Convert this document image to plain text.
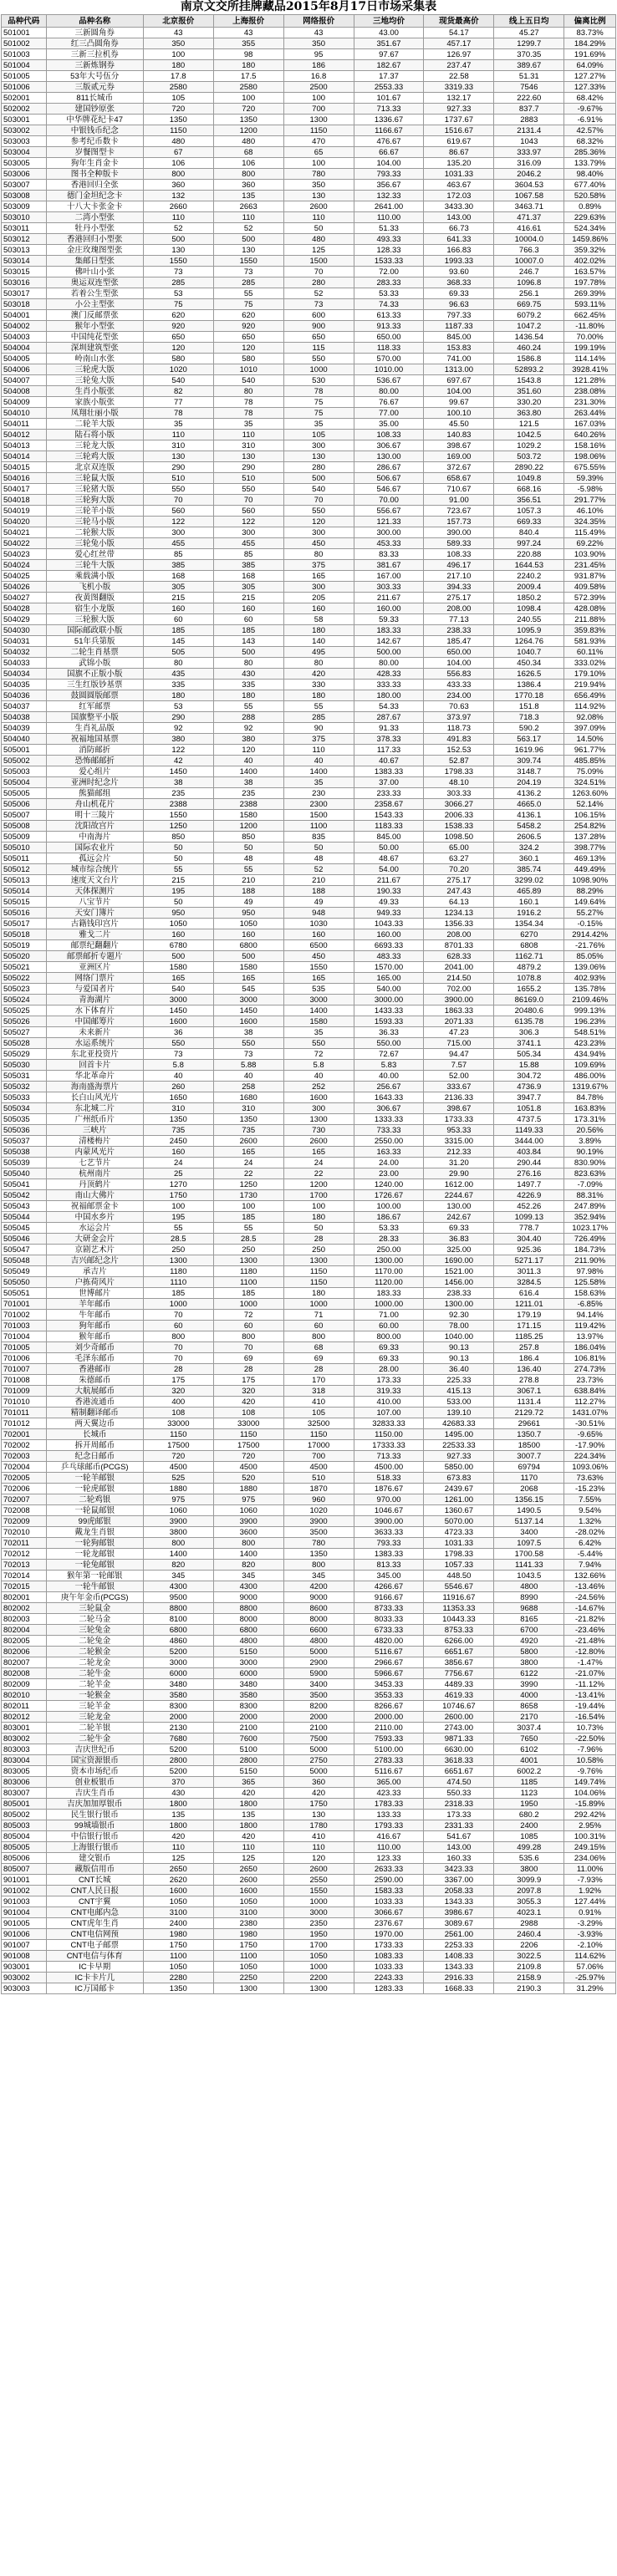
南京文交所挂牌藏品2015年8月17日市场采集表
品种代码	品种名称	北京报价	上海报价	网络报价	三地均价	现货最高价	线上五日均	偏离比例
501001	三新圆角券	43	43	43	43.00	54.17	45.27	83.73%
501002	红三凸圆角券	350	355	350	351.67	457.17	1299.7	184.29%
501003	三新三拉机券	100	98	95	97.67	126.97	370.35	191.69%
501004	三新炼钢券	180	180	186	182.67	237.47	389.67	64.09%
501005	53年大号伍分	17.8	17.5	16.8	17.37	22.58	51.31	127.27%
501006	三版贰元券	2580	2580	2500	2553.33	3319.33	7546	127.33%
502001	811长城币	105	100	100	101.67	132.17	222.60	68.42%
502002	建国钞原张	720	720	700	713.33	927.33	837.7	-9.67%
503001	中华牌花纪卡47	1350	1350	1300	1336.67	1737.67	2883	-6.91%
503002	中银钱币纪念	1150	1200	1150	1166.67	1516.67	2131.4	42.57%
503003	参考纪币数卡	480	480	470	476.67	619.67	1043	68.32%
503004	岁餐图型卡	67	68	65	66.67	86.67	333.97	285.36%
503005	狗年生肖金卡	106	106	100	104.00	135.20	316.09	133.79%
503006	图书全种版卡	800	800	780	793.33	1031.33	2046.2	98.40%
503007	香港回归全张	360	360	350	356.67	463.67	3604.53	677.40%
503008	德门金坦纪念卡	132	135	130	132.33	172.03	1067.58	520.58%
503009	十八大卡张金卡	2660	2663	2600	2641.00	3433.30	3463.71	0.89%
503010	二湾小型张	110	110	110	110.00	143.00	471.37	229.63%
503011	牡丹小型张	52	52	50	51.33	66.73	416.61	524.34%
503012	香港回归小型张	500	500	480	493.33	641.33	10004.0	1459.86%
503013	金庄玫瑰图型张	130	130	125	128.33	166.83	766.3	359.32%
503014	集邮日型张	1550	1550	1500	1533.33	1993.33	10007.0	402.02%
503015	佛叶山小张	73	73	70	72.00	93.60	246.7	163.57%
503016	奥运双连型张	285	285	280	283.33	368.33	1096.8	197.78%
503017	若着公生型张	53	55	52	53.33	69.33	256.1	269.39%
503018	小公主型张	75	75	73	74.33	96.63	669.75	593.11%
504001	澳门反邮票张	620	620	600	613.33	797.33	6079.2	662.45%
504002	猴年小型张	920	920	900	913.33	1187.33	1047.2	-11.80%
504003	中国纯花型张	650	650	650	650.00	845.00	1436.54	70.00%
504004	深圳建筑型张	120	120	115	118.33	153.83	460.24	199.19%
504005	岭南山水张	580	580	550	570.00	741.00	1586.8	114.14%
504006	三轮虎大版	1020	1010	1000	1010.00	1313.00	52893.2	3928.41%
504007	三轮兔大版	540	540	530	536.67	697.67	1543.8	121.28%
504008	生肖小版张	82	80	78	80.00	104.00	351.60	238.08%
504009	家族小版张	77	78	75	76.67	99.67	330.20	231.30%
504010	凤翔壮丽小版	78	78	75	77.00	100.10	363.80	263.44%
504011	二轮羊大版	35	35	35	35.00	45.50	121.5	167.03%
504012	陆石将小版	110	110	105	108.33	140.83	1042.5	640.26%
504013	三轮龙大版	310	310	300	306.67	398.67	1029.2	158.16%
504014	三轮鸡大版	130	130	130	130.00	169.00	503.72	198.06%
504015	北京双连版	290	290	280	286.67	372.67	2890.22	675.55%
504016	三轮鼠大版	510	510	500	506.67	658.67	1049.8	59.39%
504017	三轮猪大版	550	550	540	546.67	710.67	668.16	-5.98%
504018	三轮狗大版	70	70	70	70.00	91.00	356.51	291.77%
504019	三轮羊小版	560	560	550	556.67	723.67	1057.3	46.10%
504020	三轮马小版	122	122	120	121.33	157.73	669.33	324.35%
504021	二轮猴大版	300	300	300	300.00	390.00	840.4	115.49%
504022	三轮兔小版	455	455	450	453.33	589.33	997.24	69.22%
504023	爱心红丝带	85	85	80	83.33	108.33	220.88	103.90%
504024	三轮牛大版	385	385	375	381.67	496.17	1644.53	231.45%
504025	乘载满小版	168	168	165	167.00	217.10	2240.2	931.87%
504026	飞机小版	305	305	300	303.33	394.33	2009.4	409.58%
504027	夜黄图翻版	215	215	205	211.67	275.17	1850.2	572.39%
504028	宿生小龙版	160	160	160	160.00	208.00	1098.4	428.08%
504029	三轮猴大版	60	60	58	59.33	77.13	240.55	211.88%
504030	国际邮政联小版	185	185	180	183.33	238.33	1095.9	359.83%
504031	51年兵第版	145	143	140	142.67	185.47	1264.76	581.93%
504032	二轮生肖基票	505	500	495	500.00	650.00	1040.7	60.11%
504033	武锦小版	80	80	80	80.00	104.00	450.34	333.02%
504034	国旗不正版小版	435	430	420	428.33	556.83	1626.5	179.10%
504035	三生红版钞基票	335	335	330	333.33	433.33	1386.4	219.94%
504036	鼓圆圆版邮票	180	180	180	180.00	234.00	1770.18	656.49%
504037	红军邮票	53	55	55	54.33	70.63	151.8	114.92%
504038	国旗整平小版	290	288	285	287.67	373.97	718.3	92.08%
504039	生肖礼品版	92	92	90	91.33	118.73	590.2	397.09%
504040	祝福地国基票	380	380	375	378.33	491.83	563.17	14.50%
505001	消防邮折	122	120	110	117.33	152.53	1619.96	961.77%
505002	恐怖邮邮折	42	40	40	40.67	52.87	309.74	485.85%
505003	爱心组片	1450	1400	1400	1383.33	1798.33	3148.7	75.09%
505004	亚洲时纪念片	38	38	35	37.00	48.10	204.19	324.51%
505005	熊猫邮组	235	235	230	233.33	303.33	4136.2	1263.60%
505006	舟山机花片	2388	2388	2300	2358.67	3066.27	4665.0	52.14%
505007	明十三陵片	1550	1580	1500	1543.33	2006.33	4136.1	106.15%
505008	沈阳故宫片	1250	1200	1100	1183.33	1538.33	5458.2	254.82%
505009	中南海片	850	850	835	845.00	1098.50	2606.5	137.28%
505010	国际农业片	50	50	50	50.00	65.00	324.2	398.77%
505011	孤远会片	50	48	48	48.67	63.27	360.1	469.13%
505012	城市综合统片	55	55	52	54.00	70.20	385.74	449.49%
505013	速度天文台片	215	210	210	211.67	275.17	3299.02	1098.90%
505014	天体探测片	195	188	188	190.33	247.43	465.89	88.29%
505015	八宝节片	50	49	49	49.33	64.13	160.1	149.64%
505016	天安门簿片	950	950	948	949.33	1234.13	1916.2	55.27%
505017	古籍钱印宫片	1050	1050	1030	1043.33	1356.33	1354.34	-0.15%
505018	雅戈二片	160	160	160	160.00	208.00	6270	2914.42%
505019	邮票纪翻翻片	6780	6800	6500	6693.33	8701.33	6808	-21.76%
505020	邮票邮折专题片	500	500	450	483.33	628.33	1162.71	85.05%
505021	亚洲区片	1580	1580	1550	1570.00	2041.00	4879.2	139.06%
505022	网络门票片	165	165	165	165.00	214.50	1078.8	402.93%
505023	与爱国者片	540	545	535	540.00	702.00	1655.2	135.78%
505024	青海湖片	3000	3000	3000	3000.00	3900.00	86169.0	2109.46%
505025	水下体育片	1450	1450	1400	1433.33	1863.33	20480.6	999.13%
505026	中国邮筹片	1600	1600	1580	1593.33	2071.33	6135.78	196.23%
505027	未来新片	36	38	35	36.33	47.23	306.3	548.51%
505028	水运系统片	550	550	550	550.00	715.00	3741.1	423.23%
505029	东北亚投资片	73	73	72	72.67	94.47	505.34	434.94%
505030	回首卡片	5.8	5.88	5.8	5.83	7.57	15.88	109.69%
505031	华北革命片	40	40	40	40.00	52.00	304.72	486.00%
505032	海南盛海票片	260	258	252	256.67	333.67	4736.9	1319.67%
505033	长白山风光片	1650	1680	1600	1643.33	2136.33	3947.7	84.78%
505034	东北城二片	310	310	300	306.67	398.67	1051.8	163.83%
505035	广州纸币片	1350	1350	1300	1333.33	1733.33	4737.5	173.31%
505036	三峡片	735	735	730	733.33	953.33	1149.33	20.56%
505037	清楼梅片	2450	2600	2600	2550.00	3315.00	3444.00	3.89%
505038	内蒙风光片	160	165	165	163.33	212.33	403.84	90.19%
505039	七艺节片	24	24	24	24.00	31.20	290.44	830.90%
505040	杭州南片	25	22	22	23.00	29.90	276.16	823.63%
505041	丹顶鹤片	1270	1250	1200	1240.00	1612.00	1497.7	-7.09%
505042	南山大佛片	1750	1730	1700	1726.67	2244.67	4226.9	88.31%
505043	祝福邮票金卡	100	100	100	100.00	130.00	452.26	247.89%
505044	中国水乡片	195	185	180	186.67	242.67	1099.13	352.94%
505045	水运会片	55	55	50	53.33	69.33	778.7	1023.17%
505046	大研金会片	28.5	28.5	28	28.33	36.83	304.40	726.49%
505047	京剧艺术片	250	250	250	250.00	325.00	925.36	184.73%
505048	吉兴邮纪念片	1300	1300	1300	1300.00	1690.00	5271.17	211.90%
505049	承吉片	1180	1180	1150	1170.00	1521.00	3011.3	97.98%
505050	户拣荷风片	1110	1100	1150	1120.00	1456.00	3284.5	125.58%
505051	世博邮片	185	185	180	183.33	238.33	616.4	158.63%
701001	羊年邮币	1000	1000	1000	1000.00	1300.00	1211.01	-6.85%
701002	牛年邮币	70	72	71	71.00	92.30	179.19	94.14%
701003	狗年邮币	60	60	60	60.00	78.00	171.15	119.42%
701004	猴年邮币	800	800	800	800.00	1040.00	1185.25	13.97%
701005	刘少奇邮币	70	70	68	69.33	90.13	257.8	186.04%
701006	毛泽东邮币	70	69	69	69.33	90.13	186.4	106.81%
701007	香港邮市	28	28	28	28.00	36.40	136.40	274.73%
701008	朱德邮币	175	175	170	173.33	225.33	278.8	23.73%
701009	大航展邮币	320	320	318	319.33	415.13	3067.1	638.84%
701010	香港流通币	400	420	410	410.00	533.00	1131.4	112.27%
701011	精制翻译邮币	108	108	105	107.00	139.10	2129.72	1431.07%
701012	两天翼边币	33000	33000	32500	32833.33	42683.33	29661	-30.51%
702001	长城币	1150	1150	1150	1150.00	1495.00	1350.7	-9.65%
702002	拆开周邮币	17500	17500	17000	17333.33	22533.33	18500	-17.90%
702003	纪念日邮币	720	720	700	713.33	927.33	3007.7	224.34%
702004	乒乓球邮币(PCGS)	4500	4500	4500	4500.00	5850.00	69794	1093.06%
702005	一轮羊邮银	525	520	510	518.33	673.83	1170	73.63%
702006	一轮虎邮银	1880	1880	1870	1876.67	2439.67	2068	-15.23%
702007	二轮鸡银	975	975	960	970.00	1261.00	1356.15	7.55%
702008	一轮鼠邮银	1060	1060	1020	1046.67	1360.67	1490.5	9.54%
702009	99虎邮银	3900	3900	3900	3900.00	5070.00	5137.14	1.32%
702010	戴龙生肖银	3800	3600	3500	3633.33	4723.33	3400	-28.02%
702011	一轮狗邮银	800	800	780	793.33	1031.33	1097.5	6.42%
702012	一轮龙邮银	1400	1400	1350	1383.33	1798.33	1700.58	-5.44%
702013	一轮兔邮银	820	820	800	813.33	1057.33	1141.33	7.94%
702014	猴年第一轮邮银	345	345	345	345.00	448.50	1043.5	132.66%
702015	一轮牛邮银	4300	4300	4200	4266.67	5546.67	4800	-13.46%
802001	庚午年金币(PCGS)	9500	9000	9000	9166.67	11916.67	8990	-24.56%
802002	三轮鼠金	8800	8800	8600	8733.33	11353.33	9688	-14.67%
802003	二轮马金	8100	8000	8000	8033.33	10443.33	8165	-21.82%
802004	三轮兔金	6800	6800	6600	6733.33	8753.33	6700	-23.46%
802005	二轮兔金	4860	4800	4800	4820.00	6266.00	4920	-21.48%
802006	二轮猴金	5200	5150	5000	5116.67	6651.67	5800	-12.80%
802007	二轮龙金	3000	3000	2900	2966.67	3856.67	3800	-1.47%
802008	二轮牛金	6000	6000	5900	5966.67	7756.67	6122	-21.07%
802009	二轮羊金	3480	3480	3400	3453.33	4489.33	3990	-11.12%
802010	一轮猴金	3580	3580	3500	3553.33	4619.33	4000	-13.41%
802011	三轮羊金	8300	8300	8200	8266.67	10746.67	8658	-19.44%
802012	三轮龙金	2000	2000	2000	2000.00	2600.00	2170	-16.54%
803001	二轮羊银	2130	2100	2100	2110.00	2743.00	3037.4	10.73%
803002	二轮牛金	7680	7600	7500	7593.33	9871.33	7650	-22.50%
803003	吉庆世纪币	5200	5100	5000	5100.00	6630.00	6102	-7.96%
803004	国宝资源银币	2800	2800	2750	2783.33	3618.33	4001	10.58%
803005	资本市场纪币	5200	5150	5000	5116.67	6651.67	6002.2	-9.76%
803006	创业板银币	370	365	360	365.00	474.50	1185	149.74%
803007	吉庆生肖币	430	420	420	423.33	550.33	1123	104.06%
805001	吉庆加加厚银币	1800	1800	1750	1783.33	2318.33	1950	-15.89%
805002	民生银行银币	135	135	130	133.33	173.33	680.2	292.42%
805003	99城墙银币	1800	1800	1780	1793.33	2331.33	2400	2.95%
805004	中信银行银币	420	420	410	416.67	541.67	1085	100.31%
805005	上海银行银币	110	110	110	110.00	143.00	499.28	249.15%
805006	建交银币	125	125	120	123.33	160.33	535.6	234.06%
805007	藏版信用币	2650	2650	2600	2633.33	3423.33	3800	11.00%
901001	CNT长城	2620	2600	2550	2590.00	3367.00	3099.9	-7.93%
901002	CNT人民日报	1600	1600	1550	1583.33	2058.33	2097.8	1.92%
901003	CNT宇翼	1050	1050	1000	1033.33	1343.33	3055.3	127.44%
901004	CNT电邮内急	3100	3100	3000	3066.67	3986.67	4023.1	0.91%
901005	CNT虎年生肖	2400	2380	2350	2376.67	3089.67	2988	-3.29%
901006	CNT电信网预	1980	1980	1950	1970.00	2561.00	2460.4	-3.93%
901007	CNT电子邮票	1750	1750	1700	1733.33	2253.33	2206	-2.10%
901008	CNT电信与体育	1100	1100	1050	1083.33	1408.33	3022.5	114.62%
903001	IC卡早期	1050	1050	1000	1033.33	1343.33	2109.8	57.06%
903002	IC卡卡片几	2280	2250	2200	2243.33	2916.33	2158.9	-25.97%
903003	IC万国邮卡	1350	1300	1300	1283.33	1668.33	2190.3	31.29%
